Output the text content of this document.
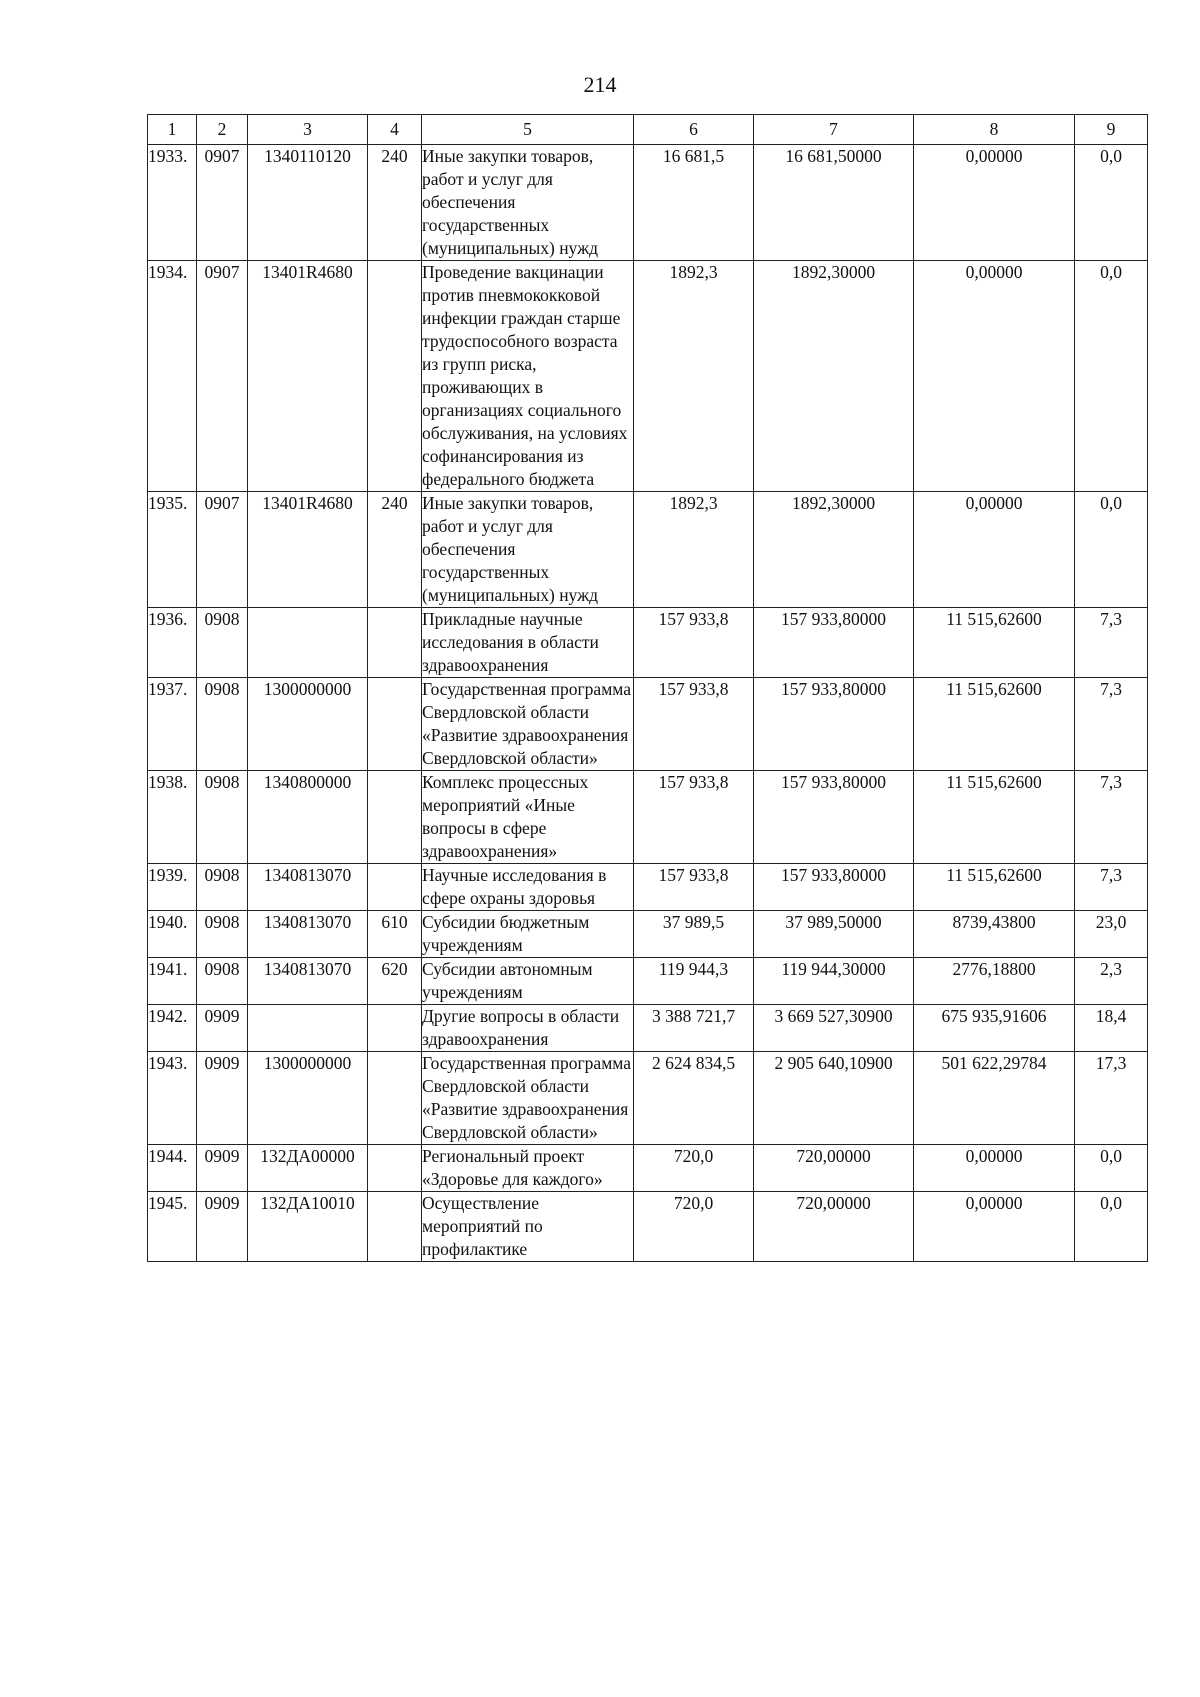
214
1	2	3	4	5	6	7	8	9
1933.	0907	1340110120	240	Иные закупки товаров, работ и услуг для обеспечения государственных (муниципальных) нужд	16 681,5	16 681,50000	0,00000	0,0
1934.	0907	13401R4680		Проведение вакцинации против пневмококковой инфекции граждан старше трудоспособного возраста из групп риска, проживающих в организациях социального обслуживания, на условиях софинансирования из федерального бюджета	1892,3	1892,30000	0,00000	0,0
1935.	0907	13401R4680	240	Иные закупки товаров, работ и услуг для обеспечения государственных (муниципальных) нужд	1892,3	1892,30000	0,00000	0,0
1936.	0908			Прикладные научные исследования в области здравоохранения	157 933,8	157 933,80000	11 515,62600	7,3
1937.	0908	1300000000		Государственная программа Свердловской области «Развитие здравоохранения Свердловской области»	157 933,8	157 933,80000	11 515,62600	7,3
1938.	0908	1340800000		Комплекс процессных мероприятий «Иные вопросы в сфере здравоохранения»	157 933,8	157 933,80000	11 515,62600	7,3
1939.	0908	1340813070		Научные исследования в сфере охраны здоровья	157 933,8	157 933,80000	11 515,62600	7,3
1940.	0908	1340813070	610	Субсидии бюджетным учреждениям	37 989,5	37 989,50000	8739,43800	23,0
1941.	0908	1340813070	620	Субсидии автономным учреждениям	119 944,3	119 944,30000	2776,18800	2,3
1942.	0909			Другие вопросы в области здравоохранения	3 388 721,7	3 669 527,30900	675 935,91606	18,4
1943.	0909	1300000000		Государственная программа Свердловской области «Развитие здравоохранения Свердловской области»	2 624 834,5	2 905 640,10900	501 622,29784	17,3
1944.	0909	132ДА00000		Региональный проект «Здоровье для каждого»	720,0	720,00000	0,00000	0,0
1945.	0909	132ДА10010		Осуществление мероприятий по профилактике	720,0	720,00000	0,00000	0,0
